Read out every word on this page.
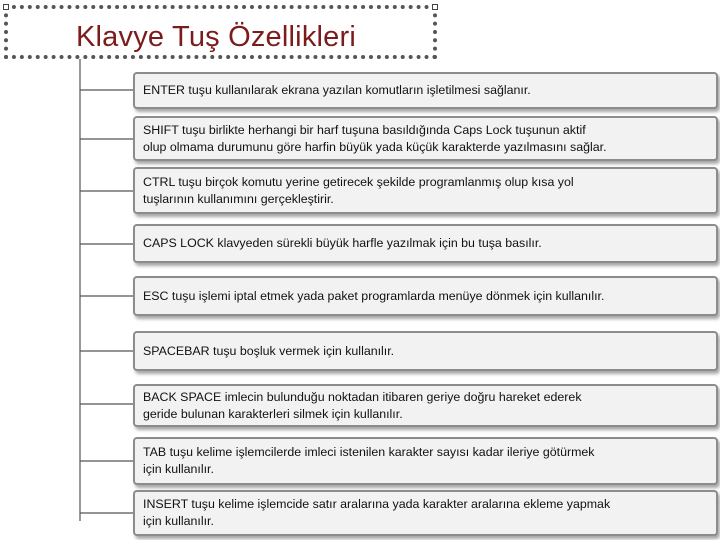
Klavye Tuş Özellikleri
ENTER tuşu kullanılarak ekrana yazılan komutların işletilmesi sağlanır.
SHIFT tuşu birlikte herhangi bir harf tuşuna basıldığında Caps Lock tuşunun aktif
olup olmama durumunu göre harfin büyük yada küçük karakterde yazılmasını sağlar.
CTRL tuşu birçok komutu yerine getirecek şekilde programlanmış olup kısa yol
tuşlarının kullanımını gerçekleştirir.
CAPS LOCK klavyeden sürekli büyük harfle yazılmak için bu tuşa basılır.
ESC tuşu işlemi iptal etmek yada paket programlarda menüye dönmek için kullanılır.
SPACEBAR tuşu boşluk vermek için kullanılır.
BACK SPACE imlecin bulunduğu noktadan itibaren geriye doğru hareket ederek
geride bulunan karakterleri silmek için kullanılır.
TAB tuşu kelime işlemcilerde imleci istenilen karakter sayısı kadar ileriye götürmek
için kullanılır.
INSERT tuşu kelime işlemcide satır aralarına yada karakter aralarına ekleme yapmak
için kullanılır.
